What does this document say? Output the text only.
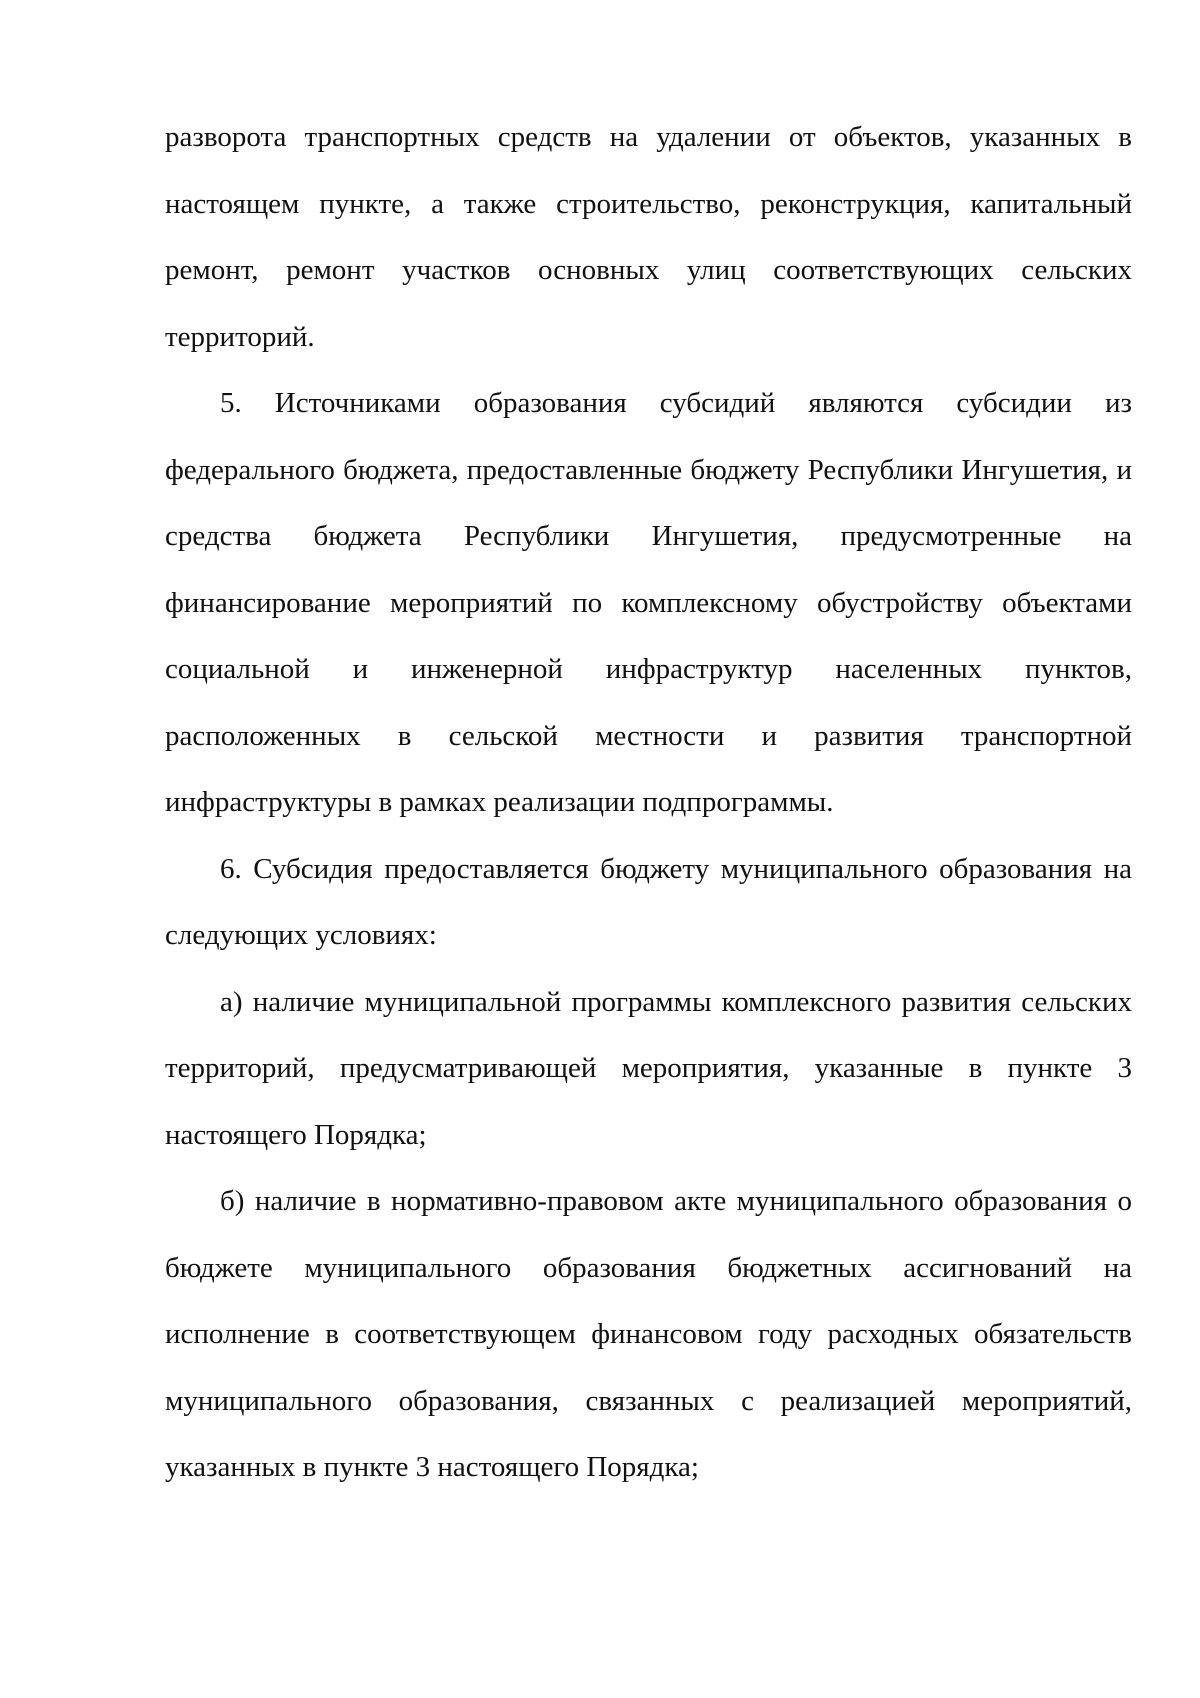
разворота транспортных средств на удалении от объектов, указанных в настоящем пункте, а также строительство, реконструкция, капитальный ремонт, ремонт участков основных улиц соответствующих сельских территорий.

5. Источниками образования субсидий являются субсидии из федерального бюджета, предоставленные бюджету Республики Ингушетия, и средства бюджета Республики Ингушетия, предусмотренные на финансирование мероприятий по комплексному обустройству объектами социальной и инженерной инфраструктур населенных пунктов, расположенных в сельской местности и развития транспортной инфраструктуры в рамках реализации подпрограммы.

6. Субсидия предоставляется бюджету муниципального образования на следующих условиях:

а) наличие муниципальной программы комплексного развития сельских территорий, предусматривающей мероприятия, указанные в пункте 3 настоящего Порядка;

б) наличие в нормативно-правовом акте муниципального образования о бюджете муниципального образования бюджетных ассигнований на исполнение в соответствующем финансовом году расходных обязательств муниципального образования, связанных с реализацией мероприятий, указанных в пункте 3 настоящего Порядка;
